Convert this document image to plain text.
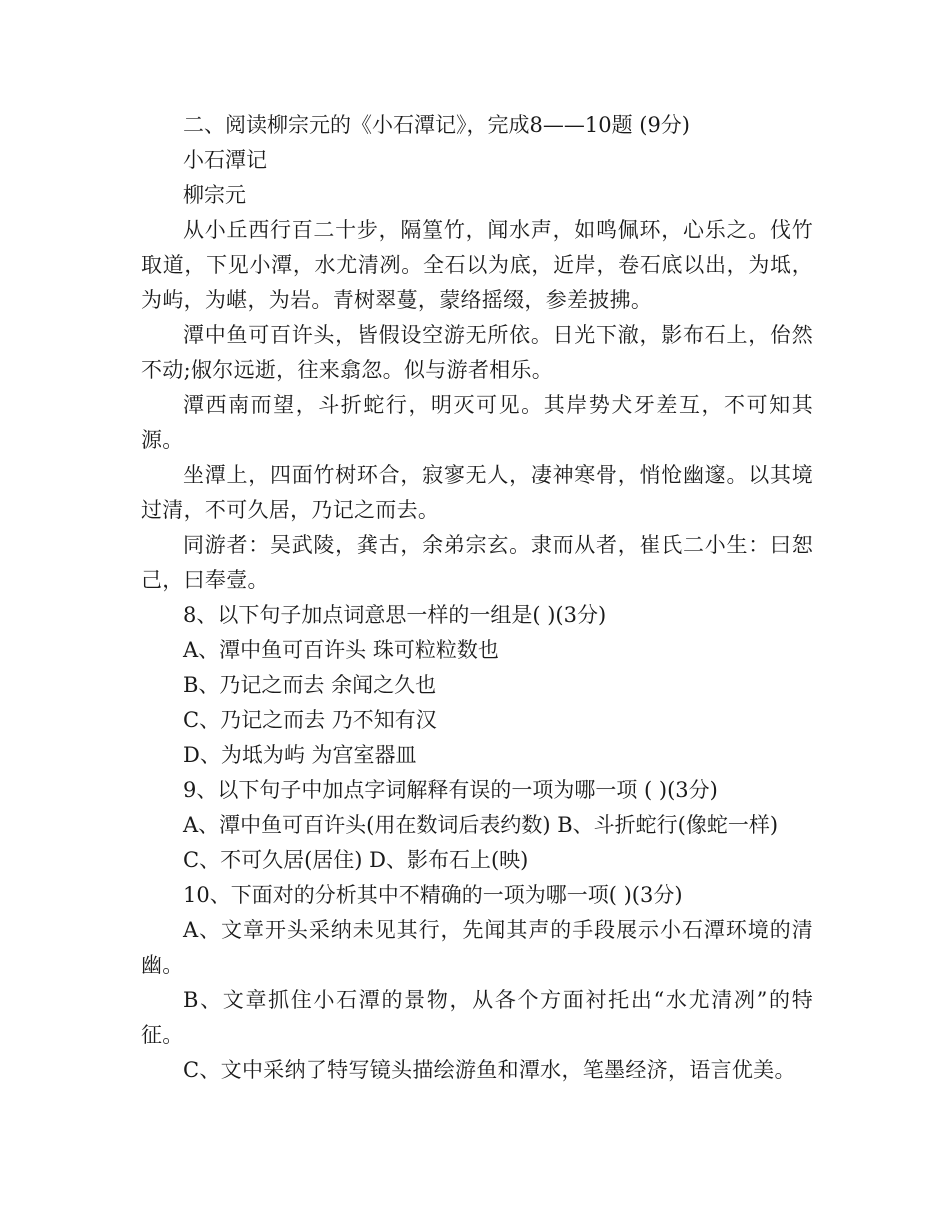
二、阅读柳宗元的《小石潭记》，完成8——10题 (9分)

小石潭记

柳宗元

从小丘西行百二十步，隔篁竹，闻水声，如鸣佩环，心乐之。伐竹取道，下见小潭，水尤清冽。全石以为底，近岸，卷石底以出，为坻，为屿，为嵁，为岩。青树翠蔓，蒙络摇缀，参差披拂。

潭中鱼可百许头，皆假设空游无所依。日光下澈，影布石上，佁然不动;俶尔远逝，往来翕忽。似与游者相乐。

潭西南而望，斗折蛇行，明灭可见。其岸势犬牙差互，不可知其源。

坐潭上，四面竹树环合，寂寥无人，凄神寒骨，悄怆幽邃。以其境过清，不可久居，乃记之而去。

同游者：吴武陵，龚古，余弟宗玄。隶而从者，崔氏二小生：曰恕己，曰奉壹。

8、以下句子加点词意思一样的一组是( )(3分)

A、潭中鱼可百许头 珠可粒粒数也

B、乃记之而去 余闻之久也

C、乃记之而去 乃不知有汉

D、为坻为屿 为宫室器皿

9、以下句子中加点字词解释有误的一项为哪一项 ( )(3分)

A、潭中鱼可百许头(用在数词后表约数) B、斗折蛇行(像蛇一样)

C、不可久居(居住) D、影布石上(映)

10、下面对的分析其中不精确的一项为哪一项( )(3分)

A、文章开头采纳未见其行，先闻其声的手段展示小石潭环境的清幽。

B、文章抓住小石潭的景物，从各个方面衬托出“水尤清冽”的特征。

C、文中采纳了特写镜头描绘游鱼和潭水，笔墨经济，语言优美。
